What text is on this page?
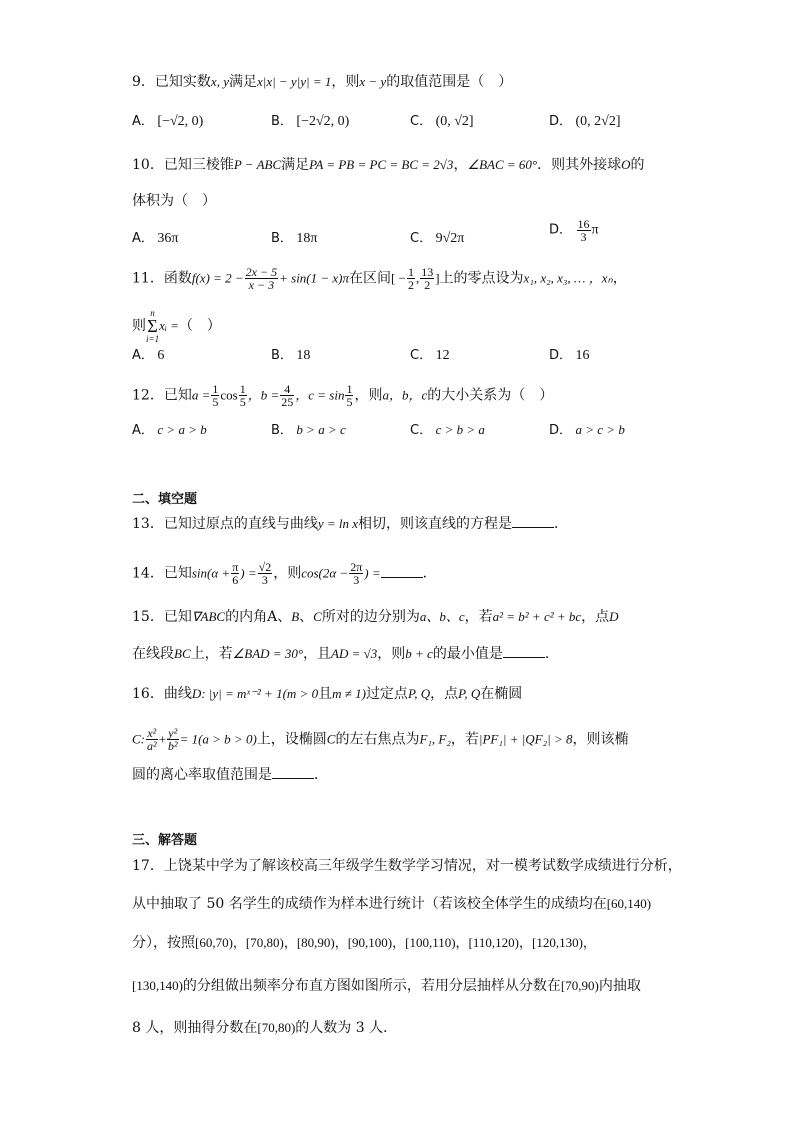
9．已知实数x, y满足x|x| − y|y| = 1，则x − y的取值范围是（　）
A． [−√2, 0)	B． [−2√2, 0)	C． (0, √2]	D． (0, 2√2]
10．已知三棱锥P − ABC满足PA = PB = PC = BC = 2√3，∠BAC = 60°．则其外接球O的
体积为（　）
A． 36π	B． 18π	C． 9√2π
D． $\frac{16}{3}$ π
11．函数$f(x) = 2 - \frac{2x - 5}{x - 3} + \sin(1 - x)\pi$在区间[ − $\frac{1}{2}$ , $\frac{13}{2}$ ]上的零点设为x₁, x₂, x₃, … ，xₙ，
则
n
Σ
i=1
xᵢ =（　）
A． 6	B． 18	C． 12	D． 16
12．已知$a = \frac{1}{5}$ $\cos \frac{1}{5}$ ，$b = \frac{4}{25}$ ，$c = \sin \frac{1}{5}$ ，则a，b，c的大小关系为（　）
A． c > a > b	B． b > a > c	C． c > b > a	D． a > c > b
二、填空题
13．已知过原点的直线与曲线y = ln x相切，则该直线的方程是	．
14．已知$\sin(\alpha + \frac{\pi}{6}$ ) = $\frac{√2}{3}$ ，则$\cos(2\alpha - \frac{2\pi}{3}$ ) =	．
15．已知∇ABC的内角A、B、C所对的边分别为a、b、c，若a² = b² + c² + bc，点D
在线段BC上，若∠BAD = 30°，且AD = √3，则b + c的最小值是	．
16．曲线D: |y| = mˣ⁻² + 1(m > 0且m ≠ 1)过定点P, Q，点P, Q在椭圆
C: $\frac{\text{x²}}{\text{a²}} + \frac{\text{y²}}{\text{b²}} = 1(a > b > 0)$上，设椭圆C的左右焦点为F₁, F₂，若|PF₁| + |QF₂| > 8，则该椭
圆的离心率取值范围是	．
三、解答题
17．上饶某中学为了解该校高三年级学生数学学习情况，对一模考试数学成绩进行分析，
从中抽取了 50 名学生的成绩作为样本进行统计（若该校全体学生的成绩均在[60,140)
分），按照[60,70)，[70,80)，[80,90)，[90,100)，[100,110)，[110,120)，[120,130)，
[130,140)的分组做出频率分布直方图如图所示，若用分层抽样从分数在[70,90)内抽取
8 人，则抽得分数在[70,80)的人数为 3 人．
